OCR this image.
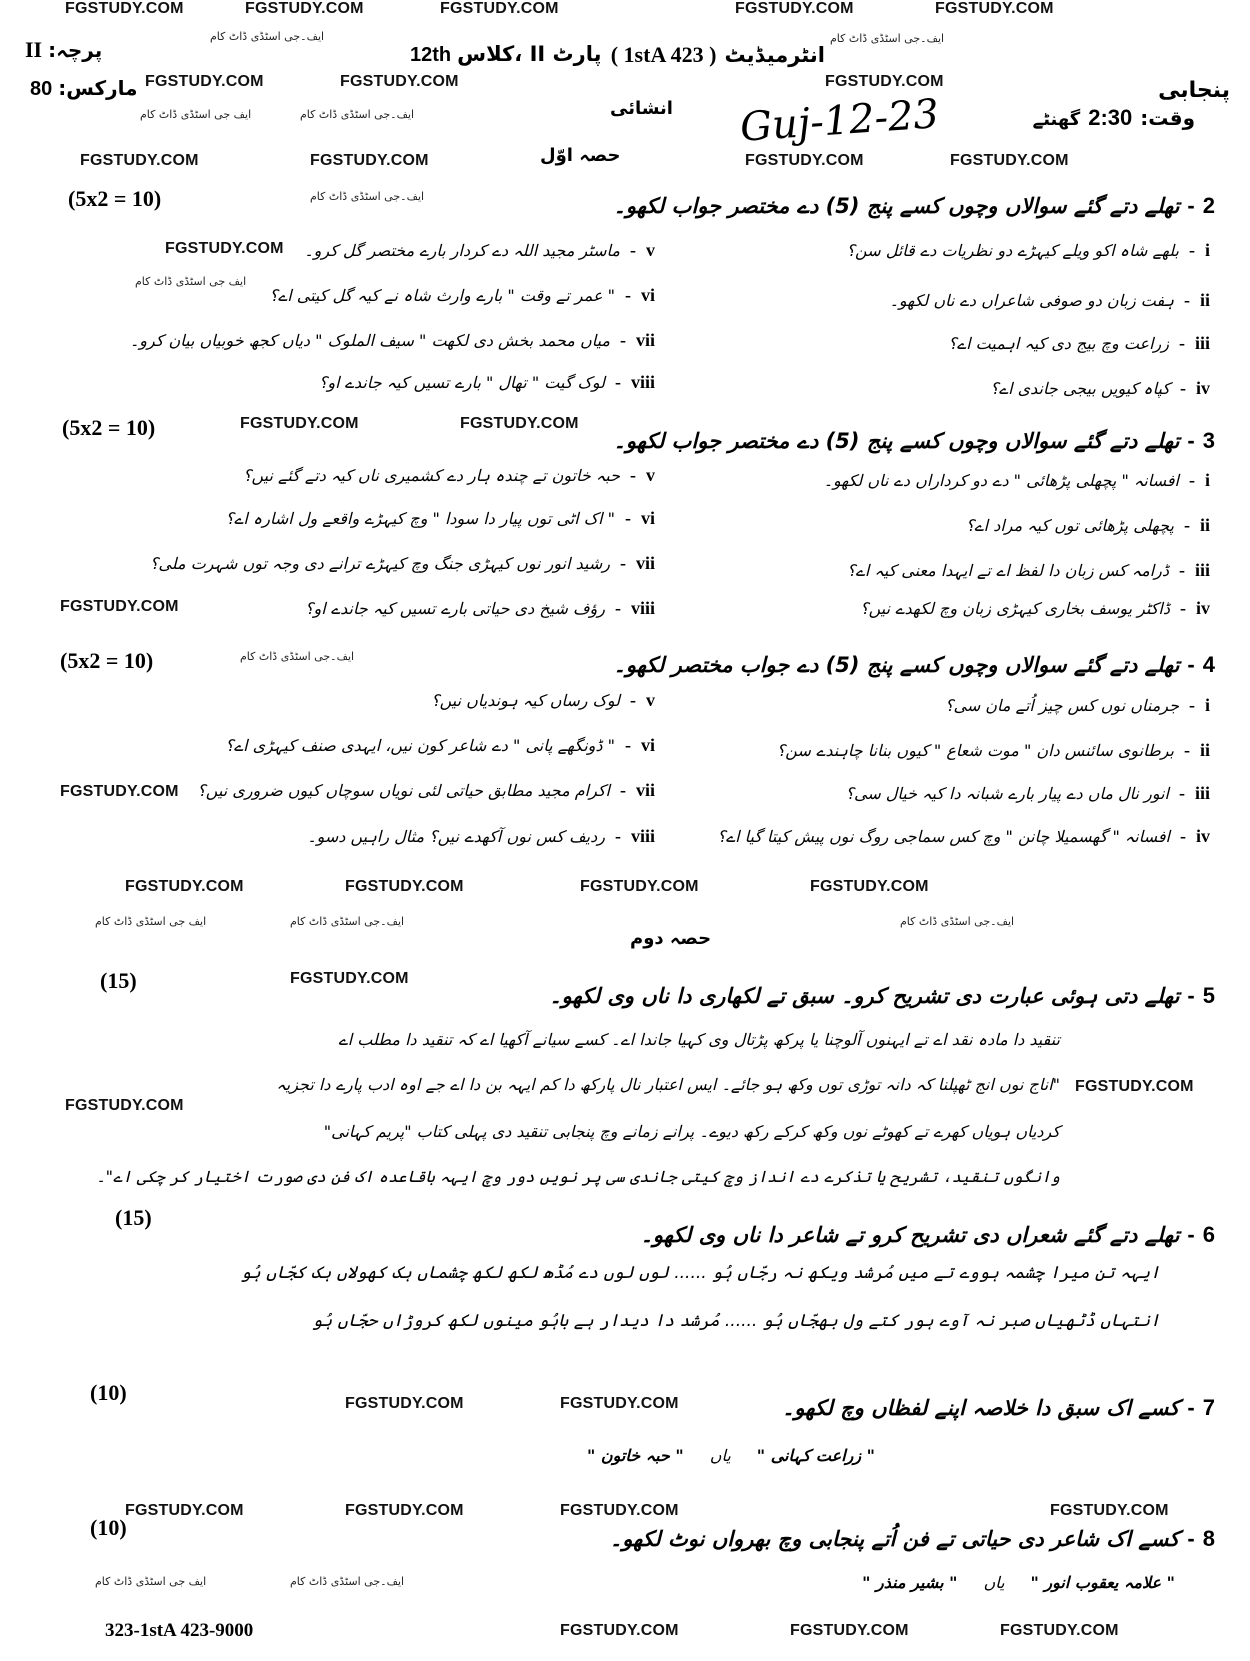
FGSTUDY.COM	FGSTUDY.COM	FGSTUDY.COM	FGSTUDY.COM	FGSTUDY.COM
ایف۔جی اسٹڈی ڈاٹ کام	ایف۔جی اسٹڈی ڈاٹ کام
FGSTUDY.COM	FGSTUDY.COM	FGSTUDY.COM
ایف جی اسٹڈی ڈاٹ کام	ایف۔جی اسٹڈی ڈاٹ کام
FGSTUDY.COM	FGSTUDY.COM	FGSTUDY.COM	FGSTUDY.COM
پنجابی
انٹرمیڈیٹ
( 1stA 423 )
12th پارٹ II ،کلاس
II پرچہ:
80 مارکس:
وقت:
2:30
گھنٹے
انشائی Guj-12-23
حصہ اوّل
2
-
تھلے دتے گئے سوالاں وچوں کسے پنج (5) دے مختصر جواب لکھو۔
(5x2 = 10)	ایف۔جی اسٹڈی ڈاٹ کام
i
-
بلھے شاہ اکو ویلے کیہڑے دو نظریات دے قائل سن؟
ii
-
ہفت زبان دو صوفی شاعراں دے ناں لکھو۔
iii
-
زراعت وچ بیج دی کیہ اہمیت اے؟
iv
-
کپاہ کیویں بیجی جاندی اے؟
v
-
ماسٹر مجید اللہ دے کردار بارے مختصر گل کرو۔
vi
-
" عمر تے وقت " بارے وارث شاہ نے کیہ گل کیتی اے؟
vii
-
میاں محمد بخش دی لکھت " سیف الملوک " دیاں کجھ خوبیاں بیان کرو۔
viii
-
لوک گیت " تھال " بارے تسیں کیہ جاندے او؟
FGSTUDY.COM
ایف جی اسٹڈی ڈاٹ کام
3
-
تھلے دتے گئے سوالاں وچوں کسے پنج (5) دے مختصر جواب لکھو۔
(5x2 = 10)	FGSTUDY.COM	FGSTUDY.COM
i
-
افسانہ " پچھلی پڑھائی " دے دو کرداراں دے ناں لکھو۔
ii
-
پچھلی پڑھائی توں کیہ مراد اے؟
iii
-
ڈرامہ کس زبان دا لفظ اے تے ایہدا معنی کیہ اے؟
iv
-
ڈاکٹر یوسف بخاری کیہڑی زبان وچ لکھدے نیں؟
v
-
حبہ خاتون تے چندہ ہار دے کشمیری ناں کیہ دتے گئے نیں؟
vi
-
" اک اٹی توں پیار دا سودا " وچ کیہڑے واقعے ول اشارہ اے؟
vii
-
رشید انور نوں کیہڑی جنگ وچ کیہڑے ترانے دی وجہ توں شہرت ملی؟
viii
-
رؤف شیخ دی حیاتی بارے تسیں کیہ جاندے او؟
FGSTUDY.COM
4
-
تھلے دتے گئے سوالاں وچوں کسے پنج (5) دے جواب مختصر لکھو۔
(5x2 = 10)	ایف۔جی اسٹڈی ڈاٹ کام
i
-
جرمناں نوں کس چیز اُتے مان سی؟
ii
-
برطانوی سائنس دان " موت شعاع " کیوں بنانا چاہندے سن؟
iii
-
انور نال ماں دے پیار بارے شبانہ دا کیہ خیال سی؟
iv
-
افسانہ " گھسمیلا چانن " وچ کس سماجی روگ نوں پیش کیتا گیا اے؟
v
-
لوک رساں کیہ ہوندیاں نیں؟
vi
-
" ڈونگھے پانی " دے شاعر کون نیں، ایہدی صنف کیہڑی اے؟
vii
-
اکرام مجید مطابق حیاتی لئی نویاں سوچاں کیوں ضروری نیں؟
viii
-
ردیف کس نوں آکھدے نیں؟ مثال راہیں دسو۔
FGSTUDY.COM
FGSTUDY.COM	FGSTUDY.COM	FGSTUDY.COM	FGSTUDY.COM
ایف جی اسٹڈی ڈاٹ کام	ایف۔جی اسٹڈی ڈاٹ کام	ایف۔جی اسٹڈی ڈاٹ کام
حصہ دوم
5
-
تھلے دتی ہوئی عبارت دی تشریح کرو۔ سبق تے لکھاری دا ناں وی لکھو۔
(15)	FGSTUDY.COM
تنقید دا مادہ نقد اے تے ایہنوں آلوچنا یا پرکھ پڑتال وی کہیا جاندا اے۔ کسے سیانے آکھیا اے کہ تنقید دا مطلب اے
"اناج نوں انج ٹھپلنا کہ دانہ توڑی توں وکھ ہو جائے۔ ایس اعتبار نال پارکھ دا کم ایہہ بن دا اے جے اوہ ادب پارے دا تجزیہ
کردیاں ہویاں کھرے تے کھوٹے نوں وکھ کرکے رکھ دیوے۔ پرانے زمانے وچ پنجابی تنقید دی پہلی کتاب "پریم کہانی"
وانگوں تنقید، تشریح یا تذکرے دے انداز وچ کیتی جاندی سی پر نویں دور وچ ایہہ باقاعدہ اک فن دی صورت اختیار کر چکی اے"۔
FGSTUDY.COM
FGSTUDY.COM
6
-
تھلے دتے گئے شعراں دی تشریح کرو تے شاعر دا ناں وی لکھو۔
(15)
ایہہ تن میرا چشمہ ہووے تے میں مُرشد ویکھ نہ رجّاں ہُو ...... لوں لوں دے مُڈھ لکھ لکھ چشماں ہک کھولاں ہک کجّاں ہُو
انتہاں ڈٹھیاں صبر نہ آوے ہور کتے ول بھجّاں ہُو ...... مُرشد دا دیدار ہے باہُو مینوں لکھ کروڑاں حجّاں ہُو
7
-
کسے اک سبق دا خلاصہ اپنے لفظاں وچ لکھو۔
(10)	FGSTUDY.COM	FGSTUDY.COM
" زراعت کہانی "
یاں
" حبہ خاتون "
FGSTUDY.COM	FGSTUDY.COM	FGSTUDY.COM	FGSTUDY.COM
8
-
کسے اک شاعر دی حیاتی تے فن اُتے پنجابی وچ بھرواں نوٹ لکھو۔
(10)
" علامہ یعقوب انور "
یاں
" بشیر منذر "
ایف جی اسٹڈی ڈاٹ کام	ایف۔جی اسٹڈی ڈاٹ کام
323-1stA 423-9000	FGSTUDY.COM	FGSTUDY.COM	FGSTUDY.COM
